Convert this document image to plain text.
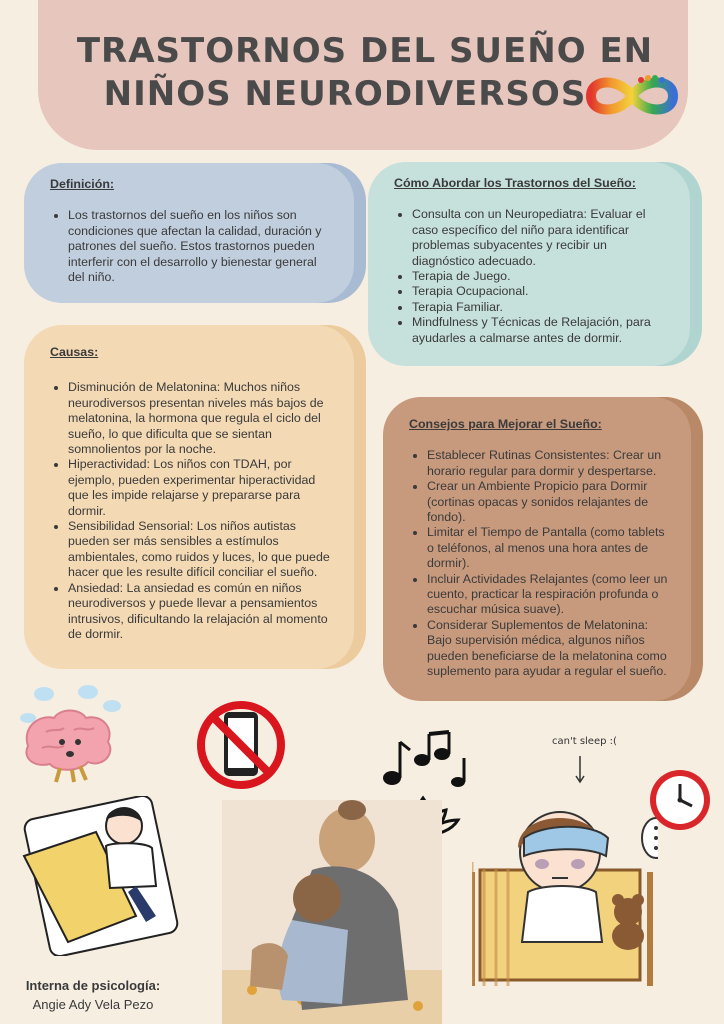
TRASTORNOS DEL SUEÑO EN
NIÑOS NEURODIVERSOS
Definición:
• Los trastornos del sueño en los niños son condiciones que afectan la calidad, duración y patrones del sueño. Estos trastornos pueden interferir con el desarrollo y bienestar general del niño.
Causas:
• Disminución de Melatonina: Muchos niños neurodiversos presentan niveles más bajos de melatonina, la hormona que regula el ciclo del sueño, lo que dificulta que se sientan somnolientos por la noche.
• Hiperactividad: Los niños con TDAH, por ejemplo, pueden experimentar hiperactividad que les impide relajarse y prepararse para dormir.
• Sensibilidad Sensorial: Los niños autistas pueden ser más sensibles a estímulos ambientales, como ruidos y luces, lo que puede hacer que les resulte difícil conciliar el sueño.
• Ansiedad: La ansiedad es común en niños neurodiversos y puede llevar a pensamientos intrusivos, dificultando la relajación al momento de dormir.
Cómo Abordar los Trastornos del Sueño:
• Consulta con un Neuropediatra: Evaluar el caso específico del niño para identificar problemas subyacentes y recibir un diagnóstico adecuado.
• Terapia de Juego.
• Terapia Ocupacional.
• Terapia Familiar.
• Mindfulness y Técnicas de Relajación, para ayudarles a calmarse antes de dormir.
Consejos para Mejorar el Sueño:
• Establecer Rutinas Consistentes: Crear un horario regular para dormir y despertarse.
• Crear un Ambiente Propicio para Dormir (cortinas opacas y sonidos relajantes de fondo).
• Limitar el Tiempo de Pantalla (como tablets o teléfonos, al menos una hora antes de dormir).
• Incluir Actividades Relajantes (como leer un cuento, practicar la respiración profunda o escuchar música suave).
• Considerar Suplementos de Melatonina: Bajo supervisión médica, algunos niños pueden beneficiarse de la melatonina como suplemento para ayudar a regular el sueño.
can't sleep :(
Interna de psicología:
Angie Ady Vela Pezo
